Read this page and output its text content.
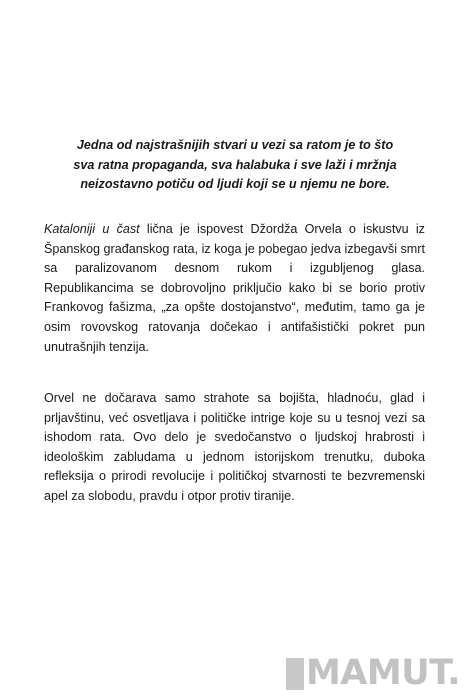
Jedna od najstrašnijih stvari u vezi sa ratom je to što
sva ratna propaganda, sva halabuka i sve laži i mržnja
neizostavno potiču od ljudi koji se u njemu ne bore.

Kataloniji u čast lična je ispovest Džordža Orvela o iskustvu iz Španskog građanskog rata, iz koga je pobegao jedva izbegavši smrt sa paralizovanom desnom rukom i izgubljenog glasa. Republikancima se dobrovoljno priključio kako bi se borio protiv Frankovog fašizma, „za opšte dostojanstvo“, međutim, tamo ga je osim rovovskog ratovanja dočekao i antifašistički pokret pun unutrašnjih tenzija.

Orvel ne dočarava samo strahote sa bojišta, hladnoću, glad i prljavštinu, već osvetljava i političke intrige koje su u tesnoj vezi sa ishodom rata. Ovo delo je svedočanstvo o ljudskoj hrabrosti i ideološkim zabludama u jednom istorijskom trenutku, duboka refleksija o prirodi revolucije i političkoj stvarnosti te bezvremenski apel za slobodu, pravdu i otpor protiv tiranije.

MAMUT.
